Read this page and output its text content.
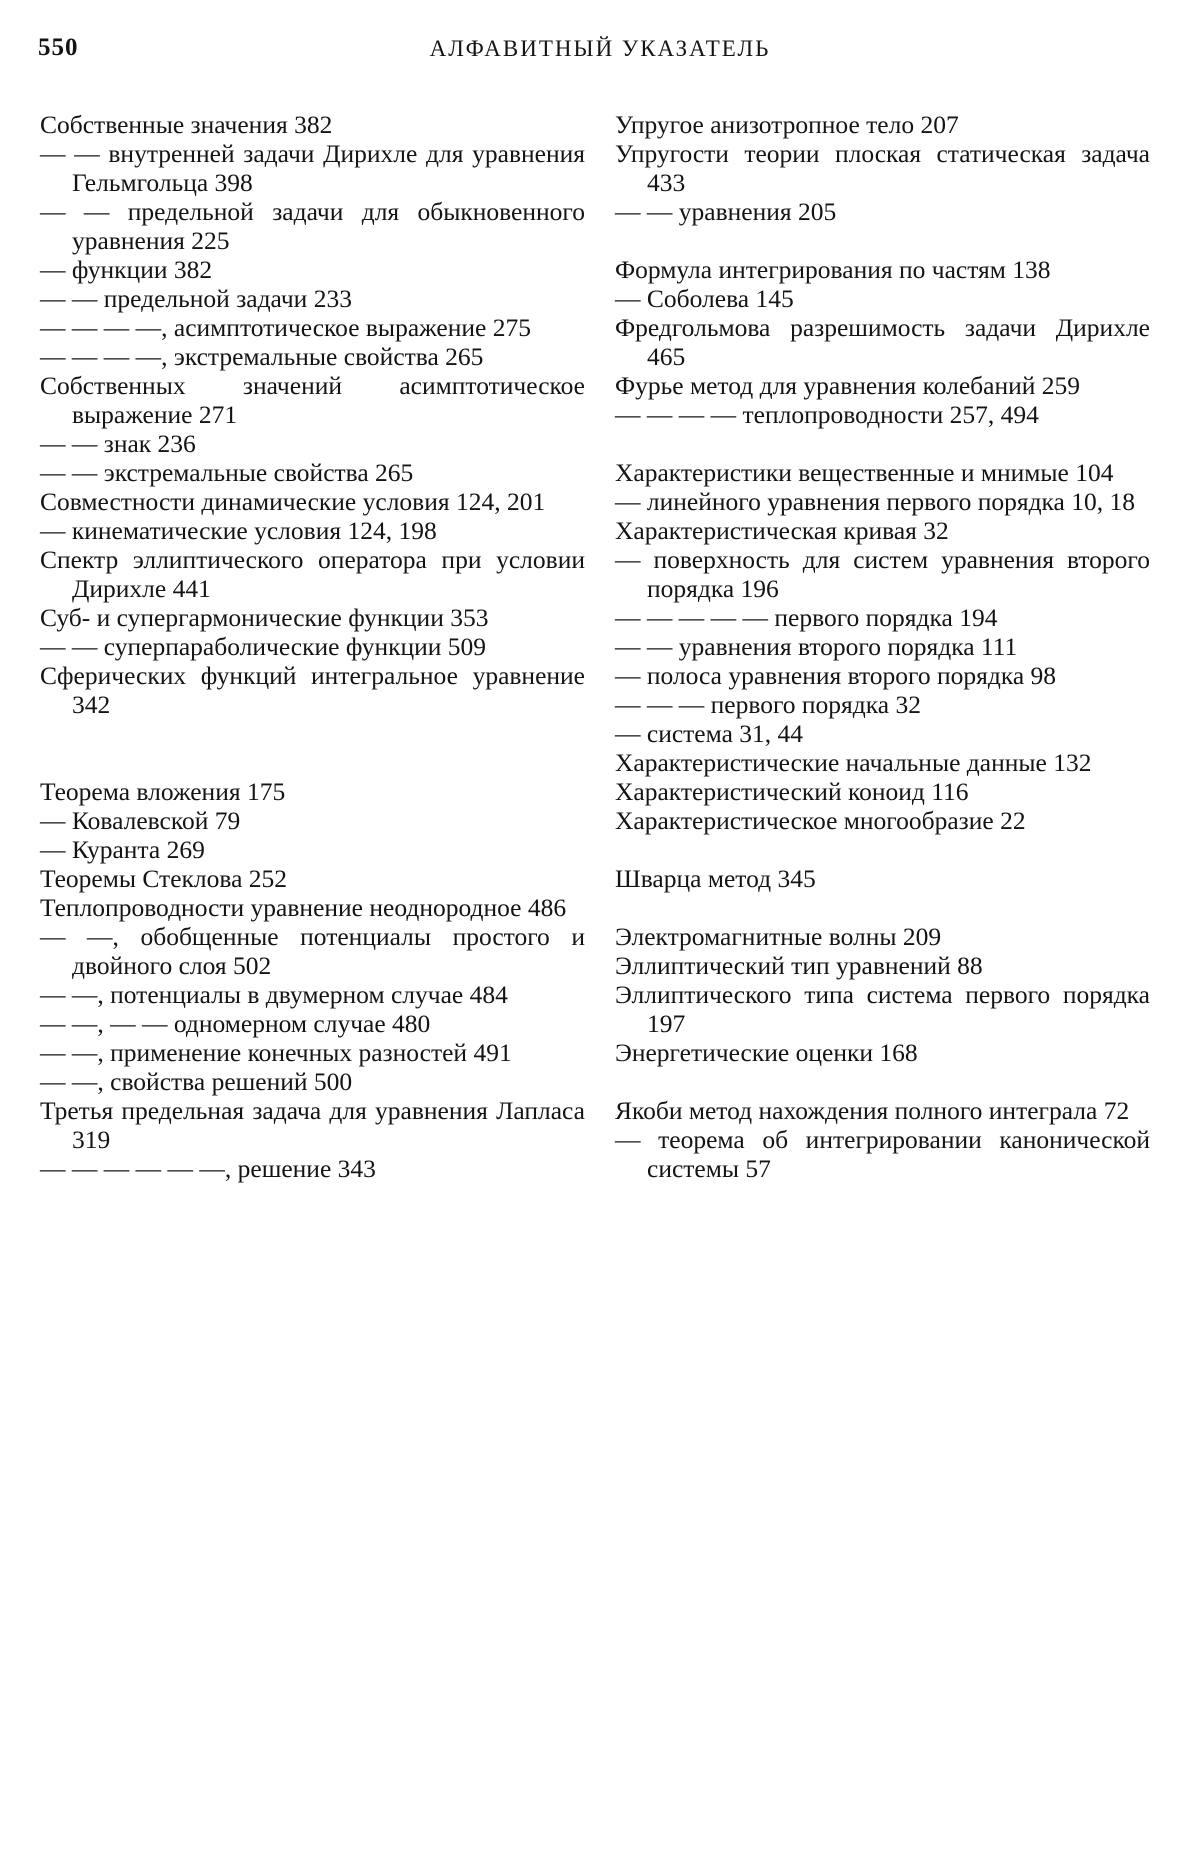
550	АЛФАВИТНЫЙ УКАЗАТЕЛЬ
Собственные значения 382
— — внутренней задачи Дирихле для уравнения Гельмгольца 398
— — предельной задачи для обыкновенного уравнения 225
— функции 382
— — предельной задачи 233
— — — —, асимптотическое выражение 275
— — — —, экстремальные свойства 265
Собственных значений асимптотическое выражение 271
— — знак 236
— — экстремальные свойства 265
Совместности динамические условия 124, 201
— кинематические условия 124, 198
Спектр эллиптического оператора при условии Дирихле 441
Суб- и супергармонические функции 353
— — суперпараболические функции 509
Сферических функций интегральное уравнение 342
Теорема вложения 175
— Ковалевской 79
— Куранта 269
Теоремы Стеклова 252
Теплопроводности уравнение неоднородное 486
— —, обобщенные потенциалы простого и двойного слоя 502
— —, потенциалы в двумерном случае 484
— —, — — одномерном случае 480
— —, применение конечных разностей 491
— —, свойства решений 500
Третья предельная задача для уравнения Лапласа 319
— — — — — —, решение 343
Упругое анизотропное тело 207
Упругости теории плоская статическая задача 433
— — уравнения 205
Формула интегрирования по частям 138
— Соболева 145
Фредгольмова разрешимость задачи Дирихле 465
Фурье метод для уравнения колебаний 259
— — — — теплопроводности 257, 494
Характеристики вещественные и мнимые 104
— линейного уравнения первого порядка 10, 18
Характеристическая кривая 32
— поверхность для систем уравнения второго порядка 196
— — — — — первого порядка 194
— — уравнения второго порядка 111
— полоса уравнения второго порядка 98
— — — первого порядка 32
— система 31, 44
Характеристические начальные данные 132
Характеристический коноид 116
Характеристическое многообразие 22
Шварца метод 345
Электромагнитные волны 209
Эллиптический тип уравнений 88
Эллиптического типа система первого порядка 197
Энергетические оценки 168
Якоби метод нахождения полного интеграла 72
— теорема об интегрировании канонической системы 57
